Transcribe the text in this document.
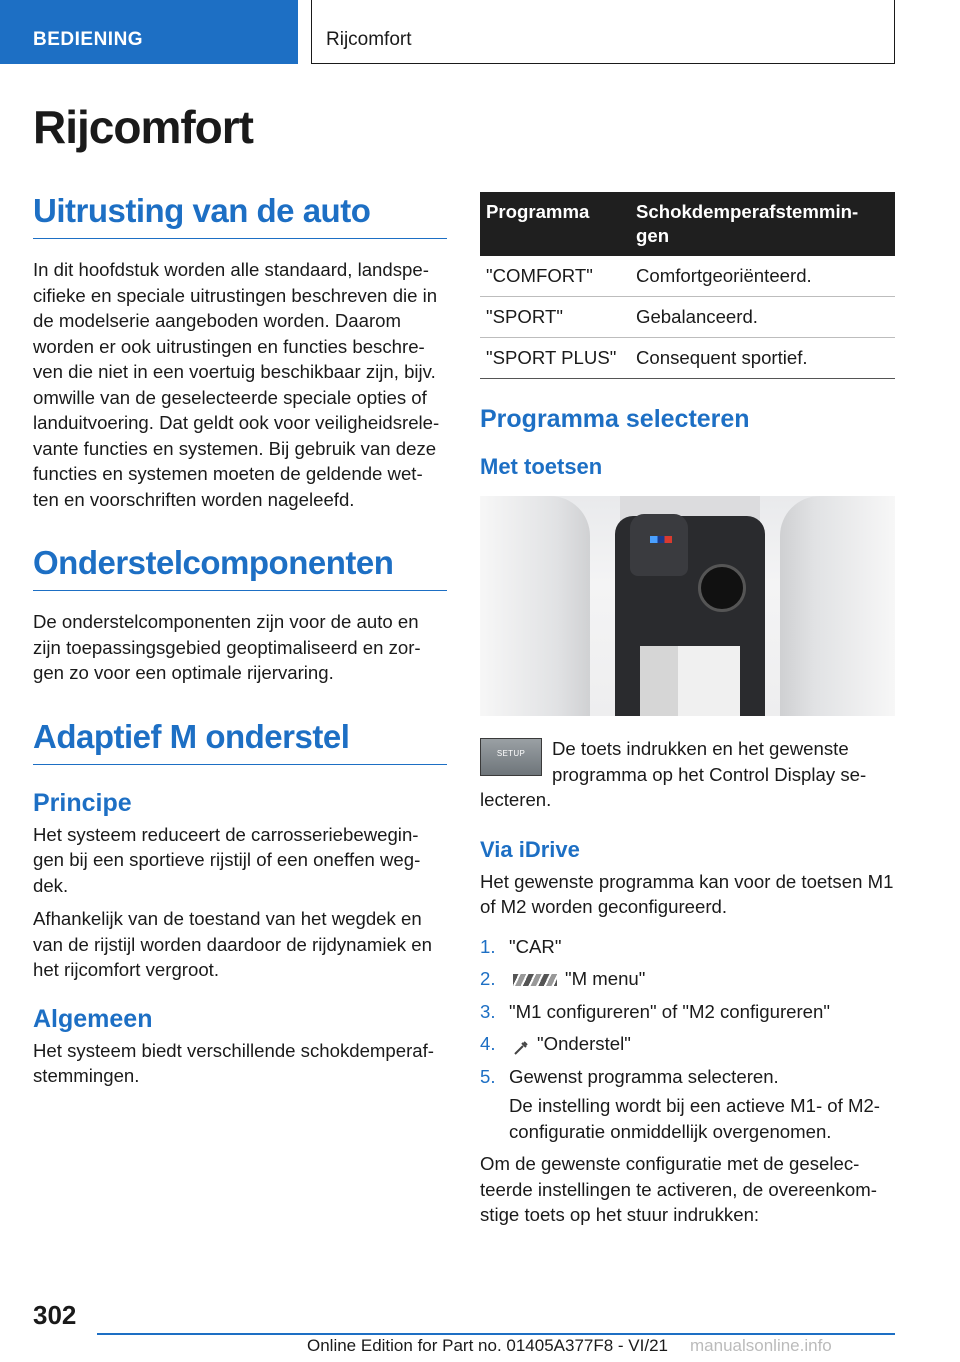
BEDIENING	Rijcomfort
Rijcomfort
Uitrusting van de auto

In dit hoofdstuk worden alle standaard, landspe-cifieke en speciale uitrustingen beschreven die in de modelserie aangeboden worden. Daarom worden er ook uitrustingen en functies beschre-ven die niet in een voertuig beschikbaar zijn, bijv. omwille van de geselecteerde speciale opties of landuitvoering. Dat geldt ook voor veiligheidsrele-vante functies en systemen. Bij gebruik van deze functies en systemen moeten de geldende wet-ten en voorschriften worden nageleefd.

Onderstelcomponenten

De onderstelcomponenten zijn voor de auto en zijn toepassingsgebied geoptimaliseerd en zor-gen zo voor een optimale rijervaring.

Adaptief M onderstel
Principe

Het systeem reduceert de carrosseriebewegin-gen bij een sportieve rijstijl of een oneffen weg-dek.

Afhankelijk van de toestand van het wegdek en van de rijstijl worden daardoor de rijdynamiek en het rijcomfort vergroot.

Algemeen

Het systeem biedt verschillende schokdemperaf-stemmingen.

Programma	Schokdemperafstemmin-gen
"COMFORT"	Comfortgeoriënteerd.
"SPORT"	Gebalanceerd.
"SPORT PLUS"	Consequent sportief.
Programma selecteren
Met toetsen
SETUP	De toets indrukken en het gewenste programma op het Control Display se-lecteren.

Via iDrive

Het gewenste programma kan voor de toetsen M1 of M2 worden geconfigureerd.

1. "CAR"
2.	"M menu"
3. "M1 configureren" of "M2 configureren"
4. "Onderstel"
5. Gewenst programma selecteren.
De instelling wordt bij een actieve M1- of M2-configuratie onmiddellijk overgenomen.

Om de gewenste configuratie met de geselec-teerde instellingen te activeren, de overeenkom-stige toets op het stuur indrukken:

302
Online Edition for Part no. 01405A377F8 - VI/21 manualsonline.info
